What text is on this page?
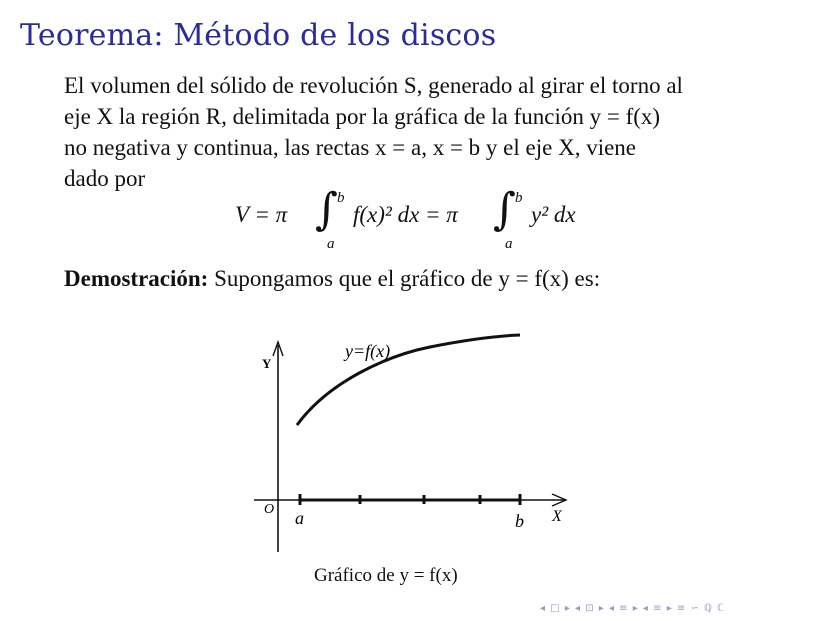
Teorema: Método de los discos

El volumen del sólido de revolución S, generado al girar el torno al

eje X la región R, delimitada por la gráfica de la función y = f(x)

no negativa y continua, las rectas x = a, x = b y el eje X, viene

dado por

V = π ∫ b
a
f(x)² dx = π ∫ b
a
y² dx
Demostración: Supongamos que el gráfico de y = f(x) es:
y=f(x)
Y
X
O a	b
Gráfico de y = f(x)
◂ □ ▸ ◂ ⊡ ▸ ◂ ≡ ▸ ◂ ≡ ▸ ≡ ∽ ℚ ℂ
